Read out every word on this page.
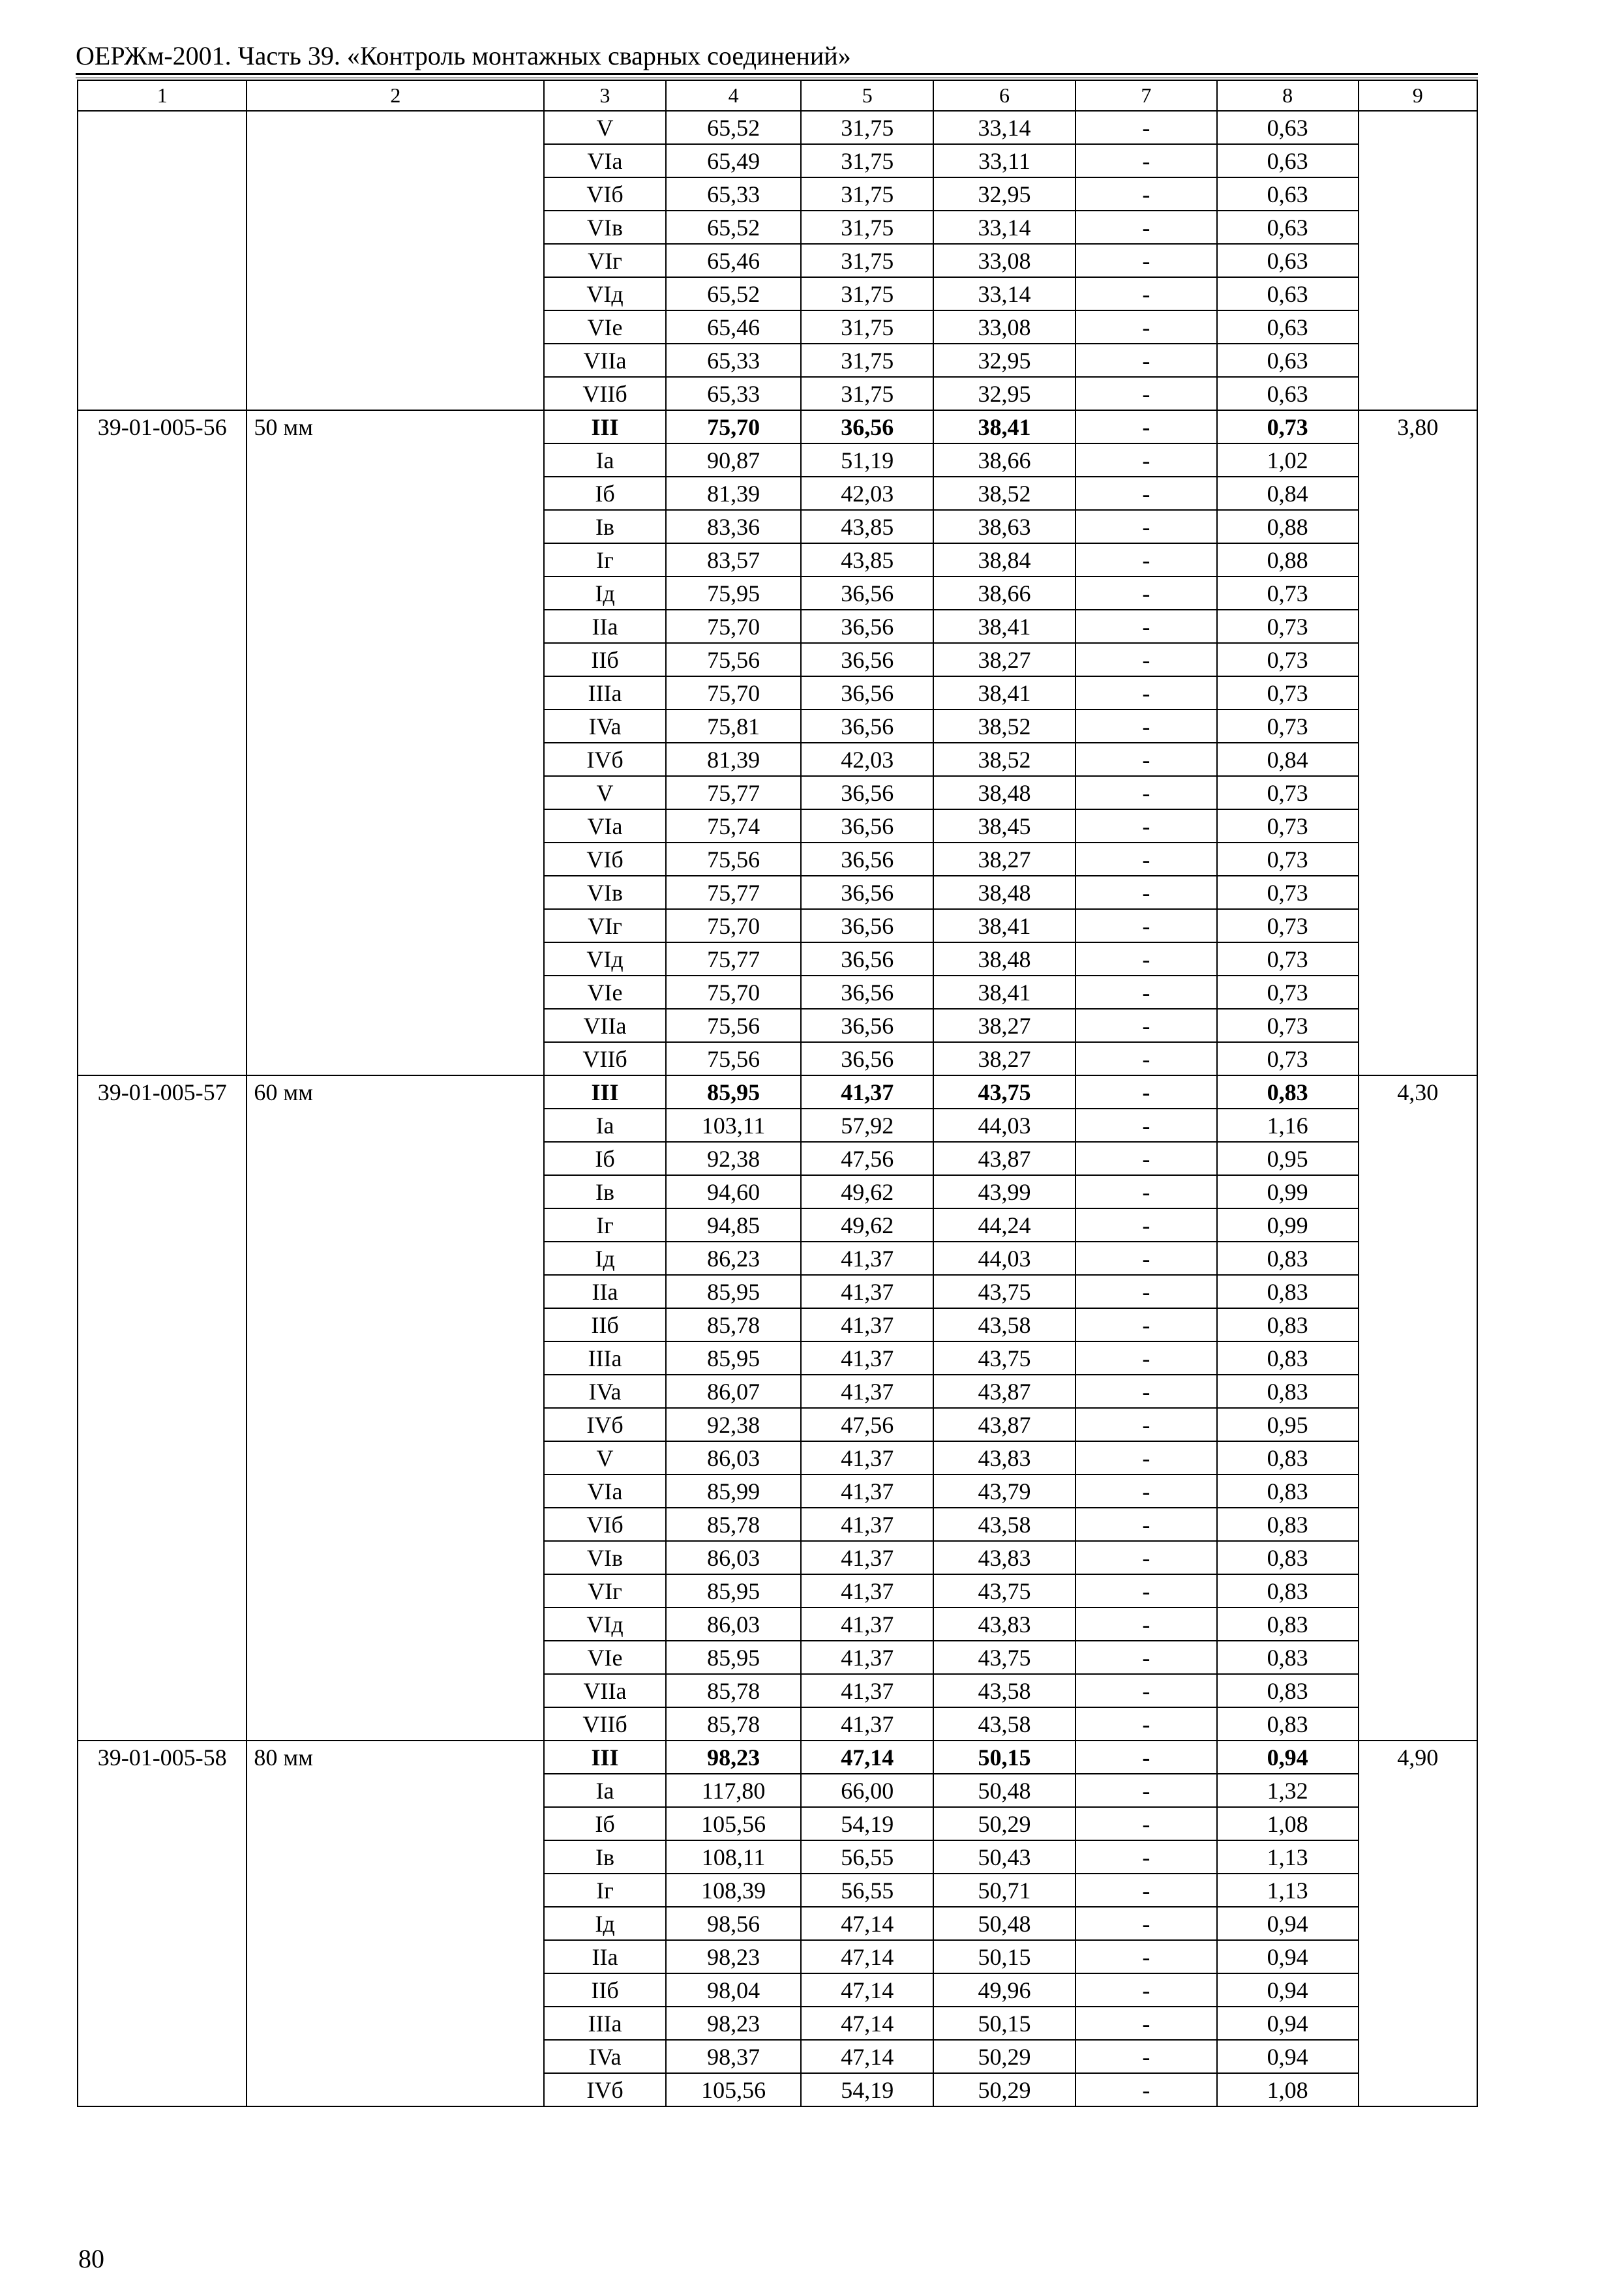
ОЕРЖм-2001. Часть 39. «Контроль монтажных сварных соединений»
1	2	3	4	5	6	7	8	9
		V	65,52	31,75	33,14	-	0,63	
		VIa	65,49	31,75	33,11	-	0,63	
		VIб	65,33	31,75	32,95	-	0,63	
		VIв	65,52	31,75	33,14	-	0,63	
		VIг	65,46	31,75	33,08	-	0,63	
		VIд	65,52	31,75	33,14	-	0,63	
		VIe	65,46	31,75	33,08	-	0,63	
		VIIa	65,33	31,75	32,95	-	0,63	
		VIIб	65,33	31,75	32,95	-	0,63	
39-01-005-56	50 мм	III	75,70	36,56	38,41	-	0,73	3,80
		Ia	90,87	51,19	38,66	-	1,02	
		Iб	81,39	42,03	38,52	-	0,84	
		Iв	83,36	43,85	38,63	-	0,88	
		Iг	83,57	43,85	38,84	-	0,88	
		Iд	75,95	36,56	38,66	-	0,73	
		IIa	75,70	36,56	38,41	-	0,73	
		IIб	75,56	36,56	38,27	-	0,73	
		IIIa	75,70	36,56	38,41	-	0,73	
		IVa	75,81	36,56	38,52	-	0,73	
		IVб	81,39	42,03	38,52	-	0,84	
		V	75,77	36,56	38,48	-	0,73	
		VIa	75,74	36,56	38,45	-	0,73	
		VIб	75,56	36,56	38,27	-	0,73	
		VIв	75,77	36,56	38,48	-	0,73	
		VIг	75,70	36,56	38,41	-	0,73	
		VIд	75,77	36,56	38,48	-	0,73	
		VIe	75,70	36,56	38,41	-	0,73	
		VIIa	75,56	36,56	38,27	-	0,73	
		VIIб	75,56	36,56	38,27	-	0,73	
39-01-005-57	60 мм	III	85,95	41,37	43,75	-	0,83	4,30
		Ia	103,11	57,92	44,03	-	1,16	
		Iб	92,38	47,56	43,87	-	0,95	
		Iв	94,60	49,62	43,99	-	0,99	
		Iг	94,85	49,62	44,24	-	0,99	
		Iд	86,23	41,37	44,03	-	0,83	
		IIa	85,95	41,37	43,75	-	0,83	
		IIб	85,78	41,37	43,58	-	0,83	
		IIIa	85,95	41,37	43,75	-	0,83	
		IVa	86,07	41,37	43,87	-	0,83	
		IVб	92,38	47,56	43,87	-	0,95	
		V	86,03	41,37	43,83	-	0,83	
		VIa	85,99	41,37	43,79	-	0,83	
		VIб	85,78	41,37	43,58	-	0,83	
		VIв	86,03	41,37	43,83	-	0,83	
		VIг	85,95	41,37	43,75	-	0,83	
		VIд	86,03	41,37	43,83	-	0,83	
		VIe	85,95	41,37	43,75	-	0,83	
		VIIa	85,78	41,37	43,58	-	0,83	
		VIIб	85,78	41,37	43,58	-	0,83	
39-01-005-58	80 мм	III	98,23	47,14	50,15	-	0,94	4,90
		Ia	117,80	66,00	50,48	-	1,32	
		Iб	105,56	54,19	50,29	-	1,08	
		Iв	108,11	56,55	50,43	-	1,13	
		Iг	108,39	56,55	50,71	-	1,13	
		Iд	98,56	47,14	50,48	-	0,94	
		IIa	98,23	47,14	50,15	-	0,94	
		IIб	98,04	47,14	49,96	-	0,94	
		IIIa	98,23	47,14	50,15	-	0,94	
		IVa	98,37	47,14	50,29	-	0,94	
		IVб	105,56	54,19	50,29	-	1,08	
80
